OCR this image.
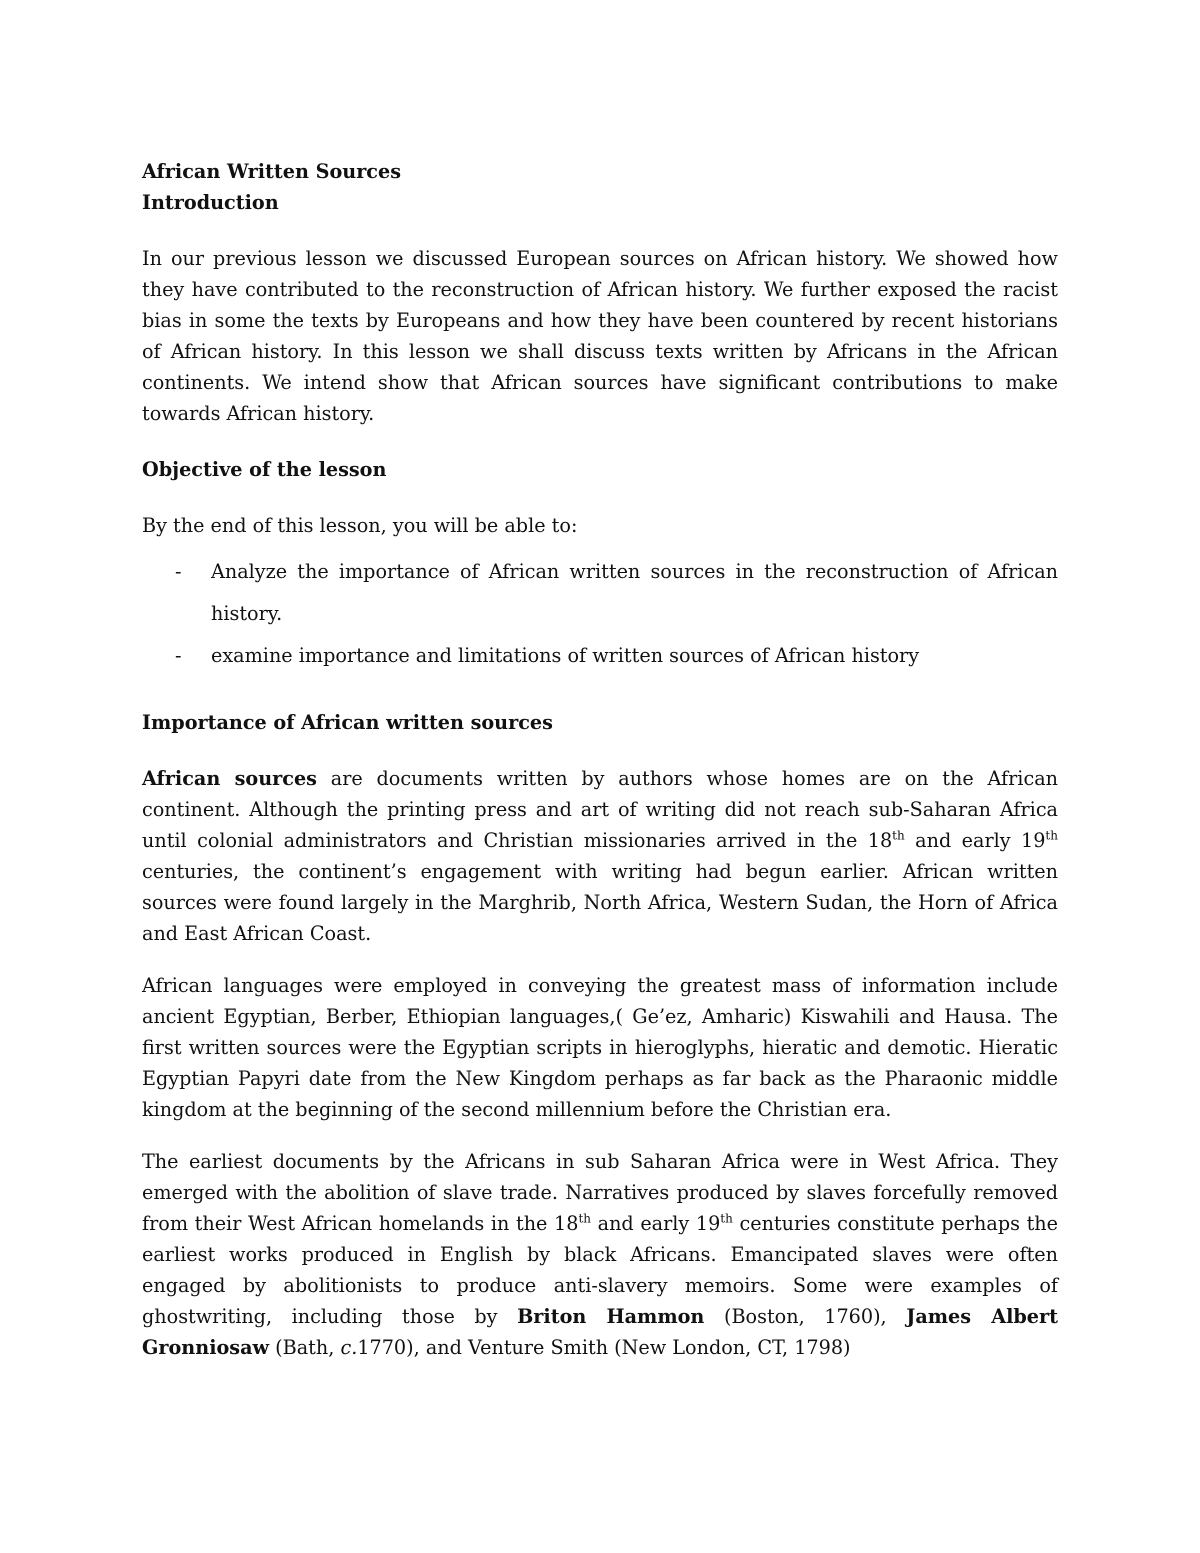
African Written Sources

Introduction

In our previous lesson we discussed European sources on African history. We showed how they have contributed to the reconstruction of African history. We further exposed the racist bias in some the texts by Europeans and how they have been countered by recent historians of African history. In this lesson we shall discuss texts written by Africans in the African continents. We intend show that African sources have significant contributions to make towards African history.

Objective of the lesson

By the end of this lesson, you will be able to:

- Analyze the importance of African written sources in the reconstruction of African history.
- examine importance and limitations of written sources of African history

Importance of African written sources

African sources are documents written by authors whose homes are on the African continent. Although the printing press and art of writing did not reach sub-Saharan Africa until colonial administrators and Christian missionaries arrived in the 18th and early 19th centuries, the continent’s engagement with writing had begun earlier. African written sources were found largely in the Marghrib, North Africa, Western Sudan, the Horn of Africa and East African Coast.

African languages were employed in conveying the greatest mass of information include ancient Egyptian, Berber, Ethiopian languages,( Ge’ez, Amharic) Kiswahili and Hausa. The first written sources were the Egyptian scripts in hieroglyphs, hieratic and demotic. Hieratic Egyptian Papyri date from the New Kingdom perhaps as far back as the Pharaonic middle kingdom at the beginning of the second millennium before the Christian era.

The earliest documents by the Africans in sub Saharan Africa were in West Africa. They emerged with the abolition of slave trade. Narratives produced by slaves forcefully removed from their West African homelands in the 18th and early 19th centuries constitute perhaps the earliest works produced in English by black Africans. Emancipated slaves were often engaged by abolitionists to produce anti-slavery memoirs. Some were examples of ghostwriting, including those by Briton Hammon (Boston, 1760), James Albert Gronniosaw (Bath, c.1770), and Venture Smith (New London, CT, 1798)
